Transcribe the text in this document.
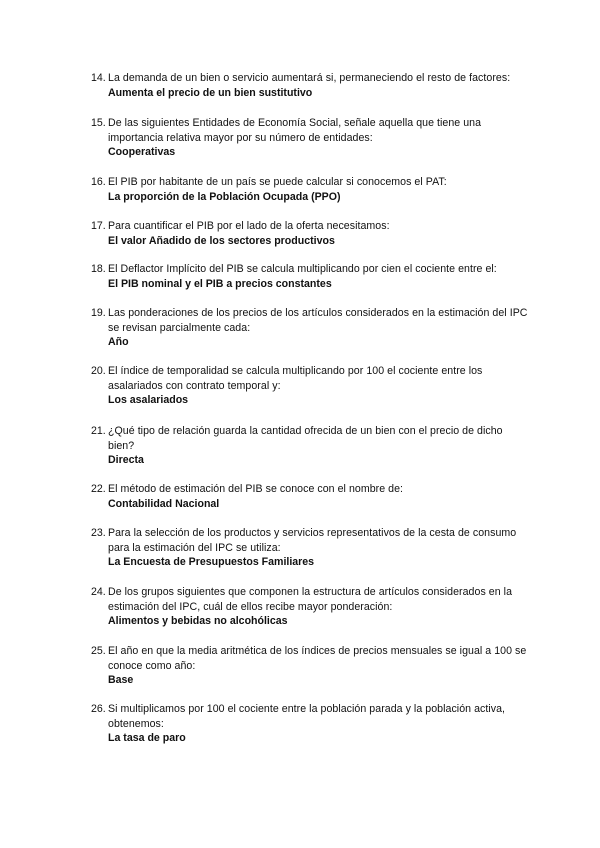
14. La demanda de un bien o servicio aumentará si, permaneciendo el resto de factores:
Aumenta el precio de un bien sustitutivo
15. De las siguientes Entidades de Economía Social, señale aquella que tiene una importancia relativa mayor por su número de entidades:
Cooperativas
16. El PIB por habitante de un país se puede calcular si conocemos el PAT:
La proporción de la Población Ocupada (PPO)
17. Para cuantificar el PIB por el lado de la oferta necesitamos:
El valor Añadido de los sectores productivos
18. El Deflactor Implícito del PIB se calcula multiplicando por cien el cociente entre el:
El PIB nominal y el PIB a precios constantes
19. Las ponderaciones de los precios de los artículos considerados en la estimación del IPC se revisan parcialmente cada:
Año
20. El índice de temporalidad se calcula multiplicando por 100 el cociente entre los asalariados con contrato temporal y:
Los asalariados
21. ¿Qué tipo de relación guarda la cantidad ofrecida de un bien con el precio de dicho bien?
Directa
22. El método de estimación del PIB se conoce con el nombre de:
Contabilidad Nacional
23. Para la selección de los productos y servicios representativos de la cesta de consumo para la estimación del IPC se utiliza:
La Encuesta de Presupuestos Familiares
24. De los grupos siguientes que componen la estructura de artículos considerados en la estimación del IPC, cuál de ellos recibe mayor ponderación:
Alimentos y bebidas no alcohólicas
25. El año en que la media aritmética de los índices de precios mensuales se igual a 100 se conoce como año:
Base
26. Si multiplicamos por 100 el cociente entre la población parada y la población activa, obtenemos:
La tasa de paro
